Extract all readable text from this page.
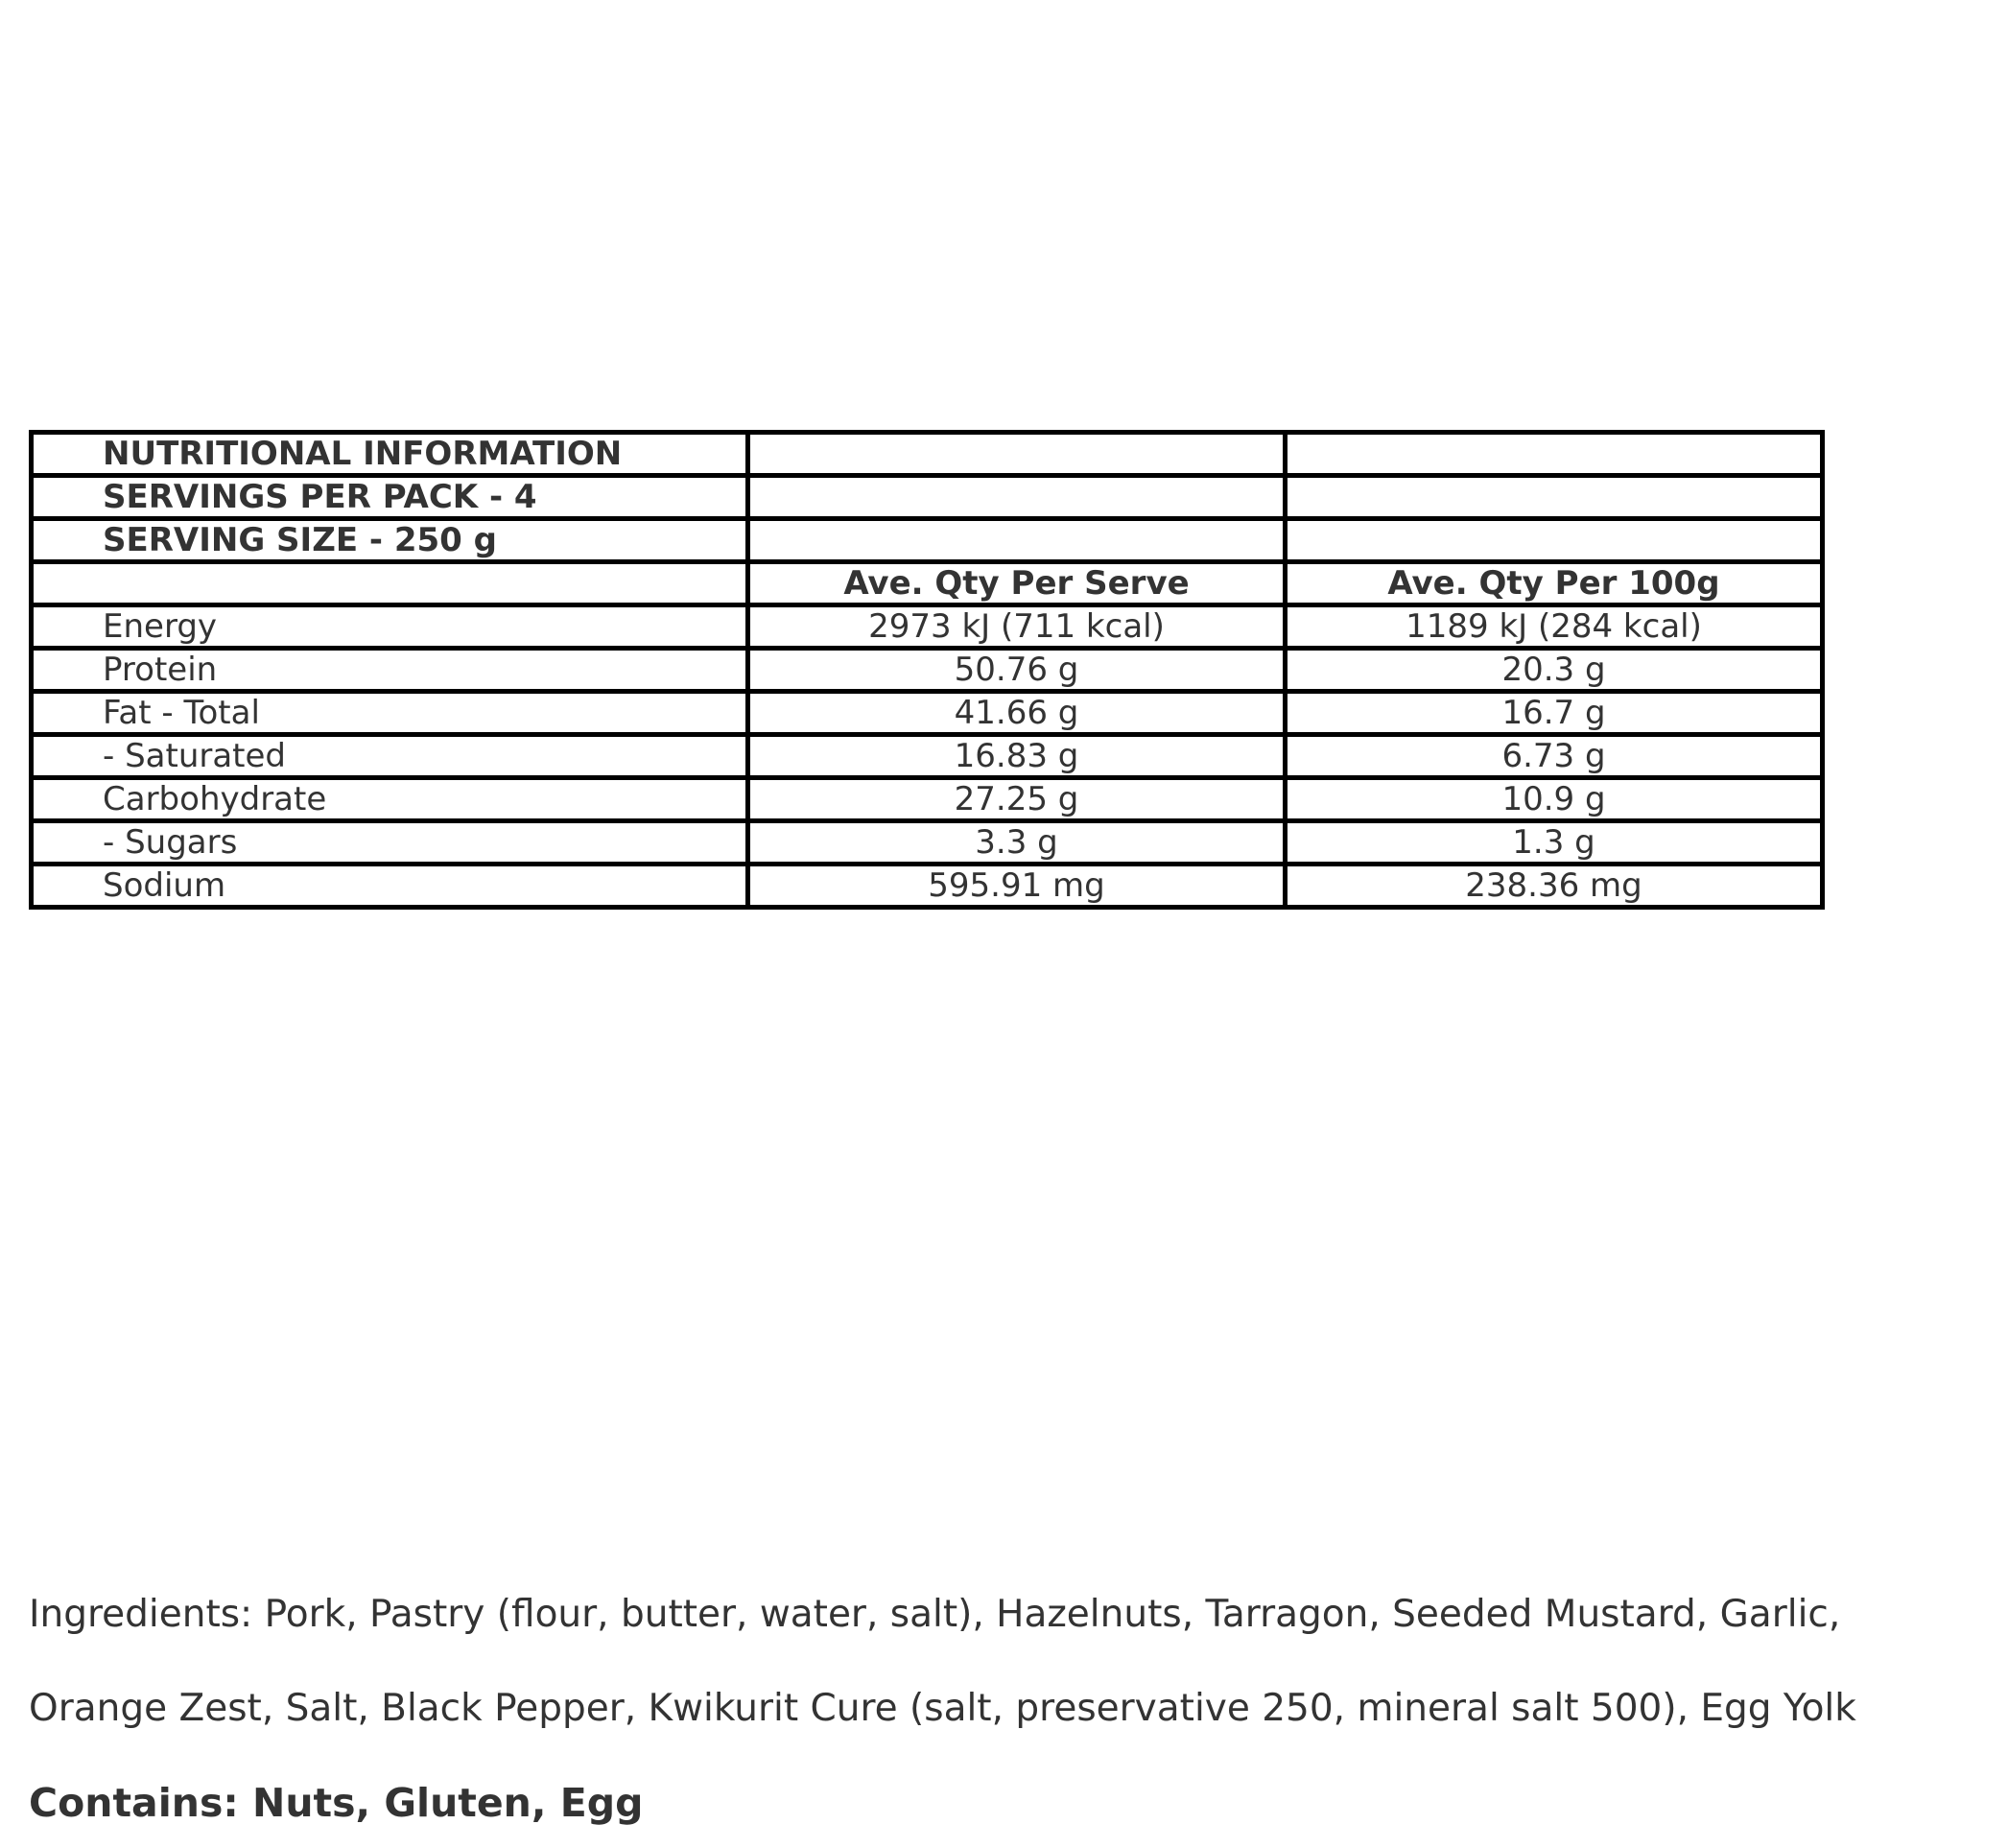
NUTRITIONAL INFORMATION		
SERVINGS PER PACK - 4		
SERVING SIZE - 250 g		
	Ave. Qty Per Serve	Ave. Qty Per 100g
Energy	2973 kJ (711 kcal)	1189 kJ (284 kcal)
Protein	50.76 g	20.3 g
Fat - Total	41.66 g	16.7 g
- Saturated	16.83 g	6.73 g
Carbohydrate	27.25 g	10.9 g
- Sugars	3.3 g	1.3 g
Sodium	595.91 mg	238.36 mg

Ingredients: Pork, Pastry (flour, butter, water, salt), Hazelnuts, Tarragon, Seeded Mustard, Garlic,

Orange Zest, Salt, Black Pepper, Kwikurit Cure (salt, preservative 250, mineral salt 500), Egg Yolk

Contains: Nuts, Gluten, Egg
